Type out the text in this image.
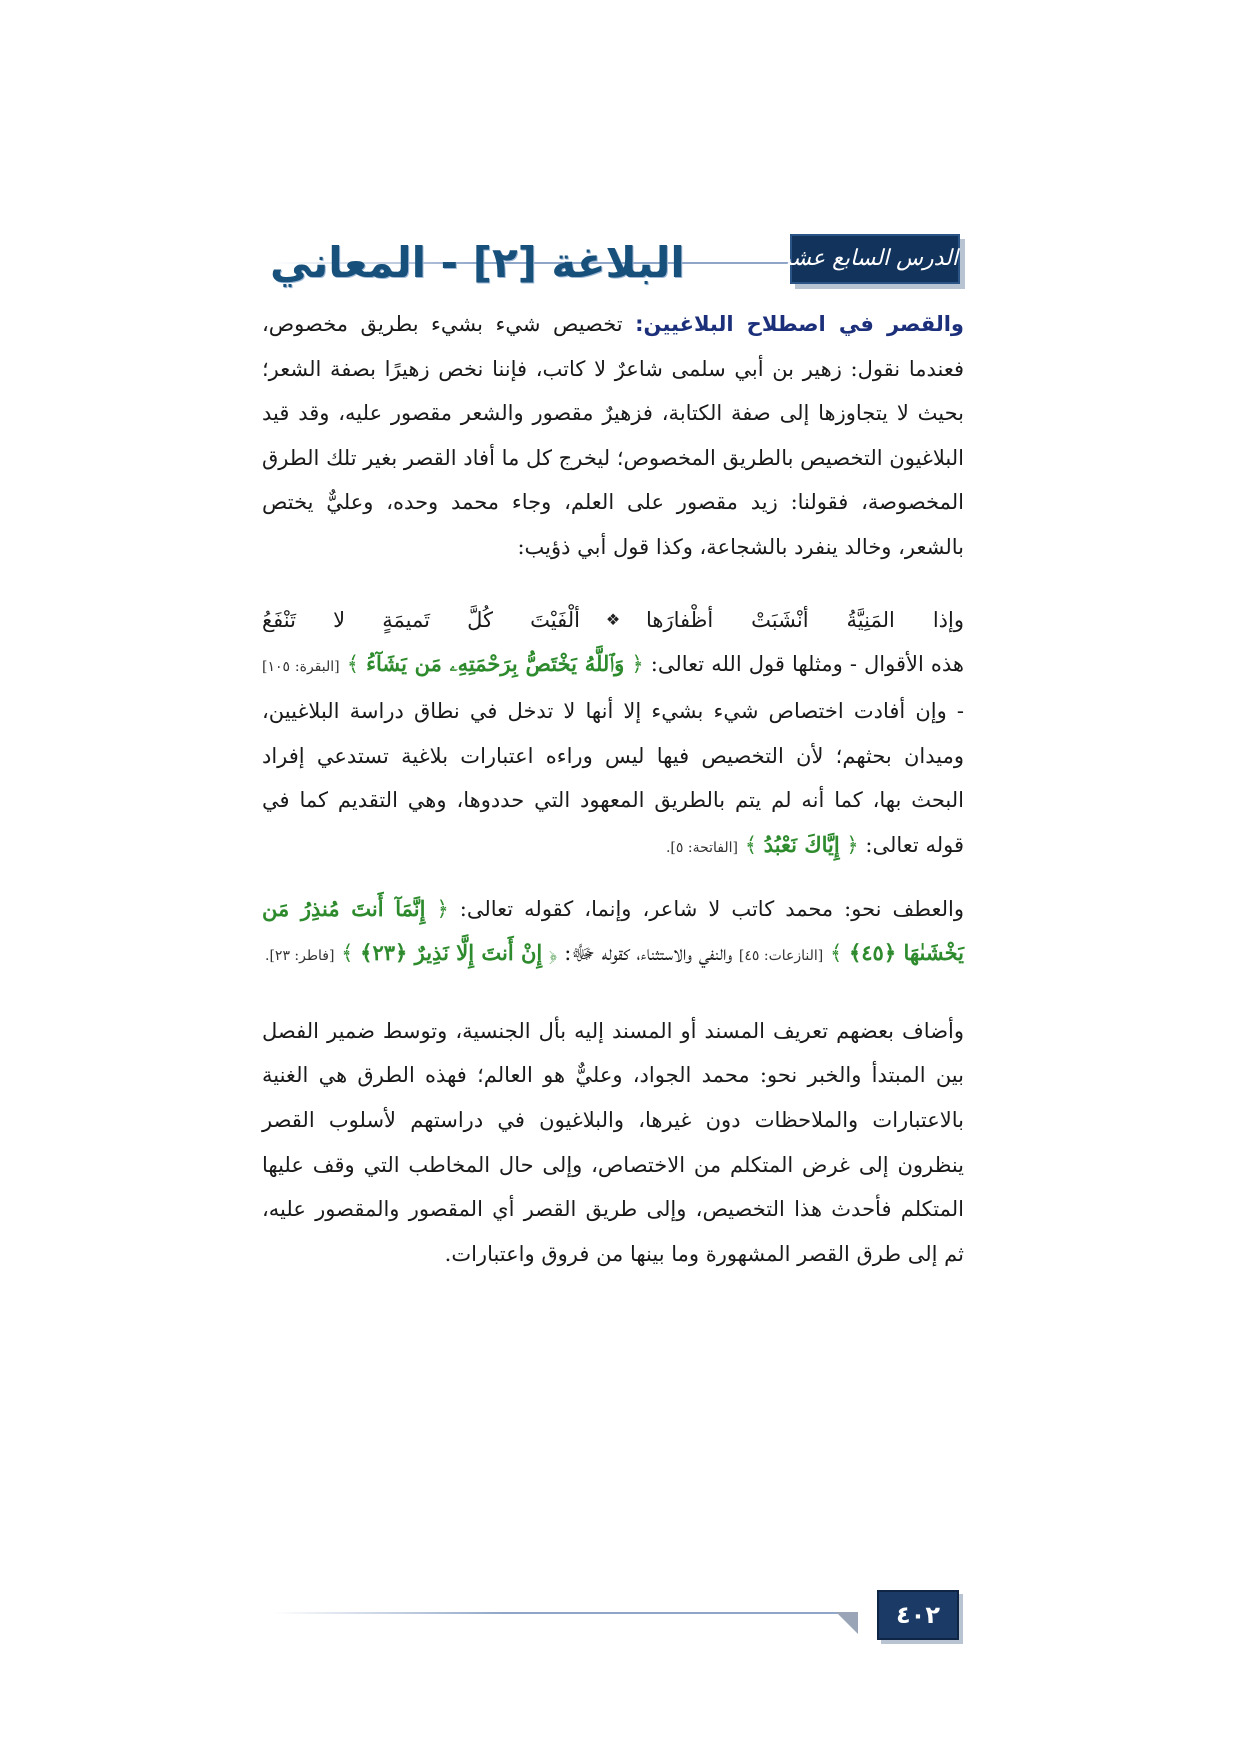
البلاغة [٢] - المعاني	الدرس السابع عشر

والقصر في اصطلاح البلاغيين: تخصيص شيء بشيء بطريق مخصوص، فعندما نقول: زهير بن أبي سلمى شاعرٌ لا كاتب، فإننا نخص زهيرًا بصفة الشعر؛ بحيث لا يتجاوزها إلى صفة الكتابة، فزهيرٌ مقصور والشعر مقصور عليه، وقد قيد البلاغيون التخصيص بالطريق المخصوص؛ ليخرج كل ما أفاد القصر بغير تلك الطرق المخصوصة، فقولنا: زيد مقصور على العلم، وجاء محمد وحده، وعليٌّ يختص بالشعر، وخالد ينفرد بالشجاعة، وكذا قول أبي ذؤيب:

وإذا
المَنِيَّةُ
أنْشَبَتْ
أظْفارَها
❖
ألْفَيْتَ
كُلَّ
تَميمَةٍ
لا
تَنْفَعُ

هذه الأقوال - ومثلها قول الله تعالى: ﴿ وَٱللَّهُ يَخْتَصُّ بِرَحْمَتِهِۦ مَن يَشَآءُ ﴾ [البقرة: ١٠٥] - وإن أفادت اختصاص شيء بشيء إلا أنها لا تدخل في نطاق دراسة البلاغيين، وميدان بحثهم؛ لأن التخصيص فيها ليس وراءه اعتبارات بلاغية تستدعي إفراد البحث بها، كما أنه لم يتم بالطريق المعهود التي حددوها، وهي التقديم كما في قوله تعالى: ﴿ إِيَّاكَ نَعْبُدُ ﴾ [الفاتحة: ٥].

والعطف نحو: محمد كاتب لا شاعر، وإنما، كقوله تعالى: ﴿ إِنَّمَآ أَنتَ مُنذِرُ مَن يَخْشَىٰهَا ﴿٤٥﴾ ﴾ [النازعات: ٤٥] والنفي والاستثناء، كقوله ﷻ: ﴿ إِنْ أَنتَ إِلَّا نَذِيرٌ ﴿٢٣﴾ ﴾ [فاطر: ٢٣].

وأضاف بعضهم تعريف المسند أو المسند إليه بأل الجنسية، وتوسط ضمير الفصل بين المبتدأ والخبر نحو: محمد الجواد، وعليٌّ هو العالم؛ فهذه الطرق هي الغنية بالاعتبارات والملاحظات دون غيرها، والبلاغيون في دراستهم لأسلوب القصر ينظرون إلى غرض المتكلم من الاختصاص، وإلى حال المخاطب التي وقف عليها المتكلم فأحدث هذا التخصيص، وإلى طريق القصر أي المقصور والمقصور عليه، ثم إلى طرق القصر المشهورة وما بينها من فروق واعتبارات.

٤٠٢
